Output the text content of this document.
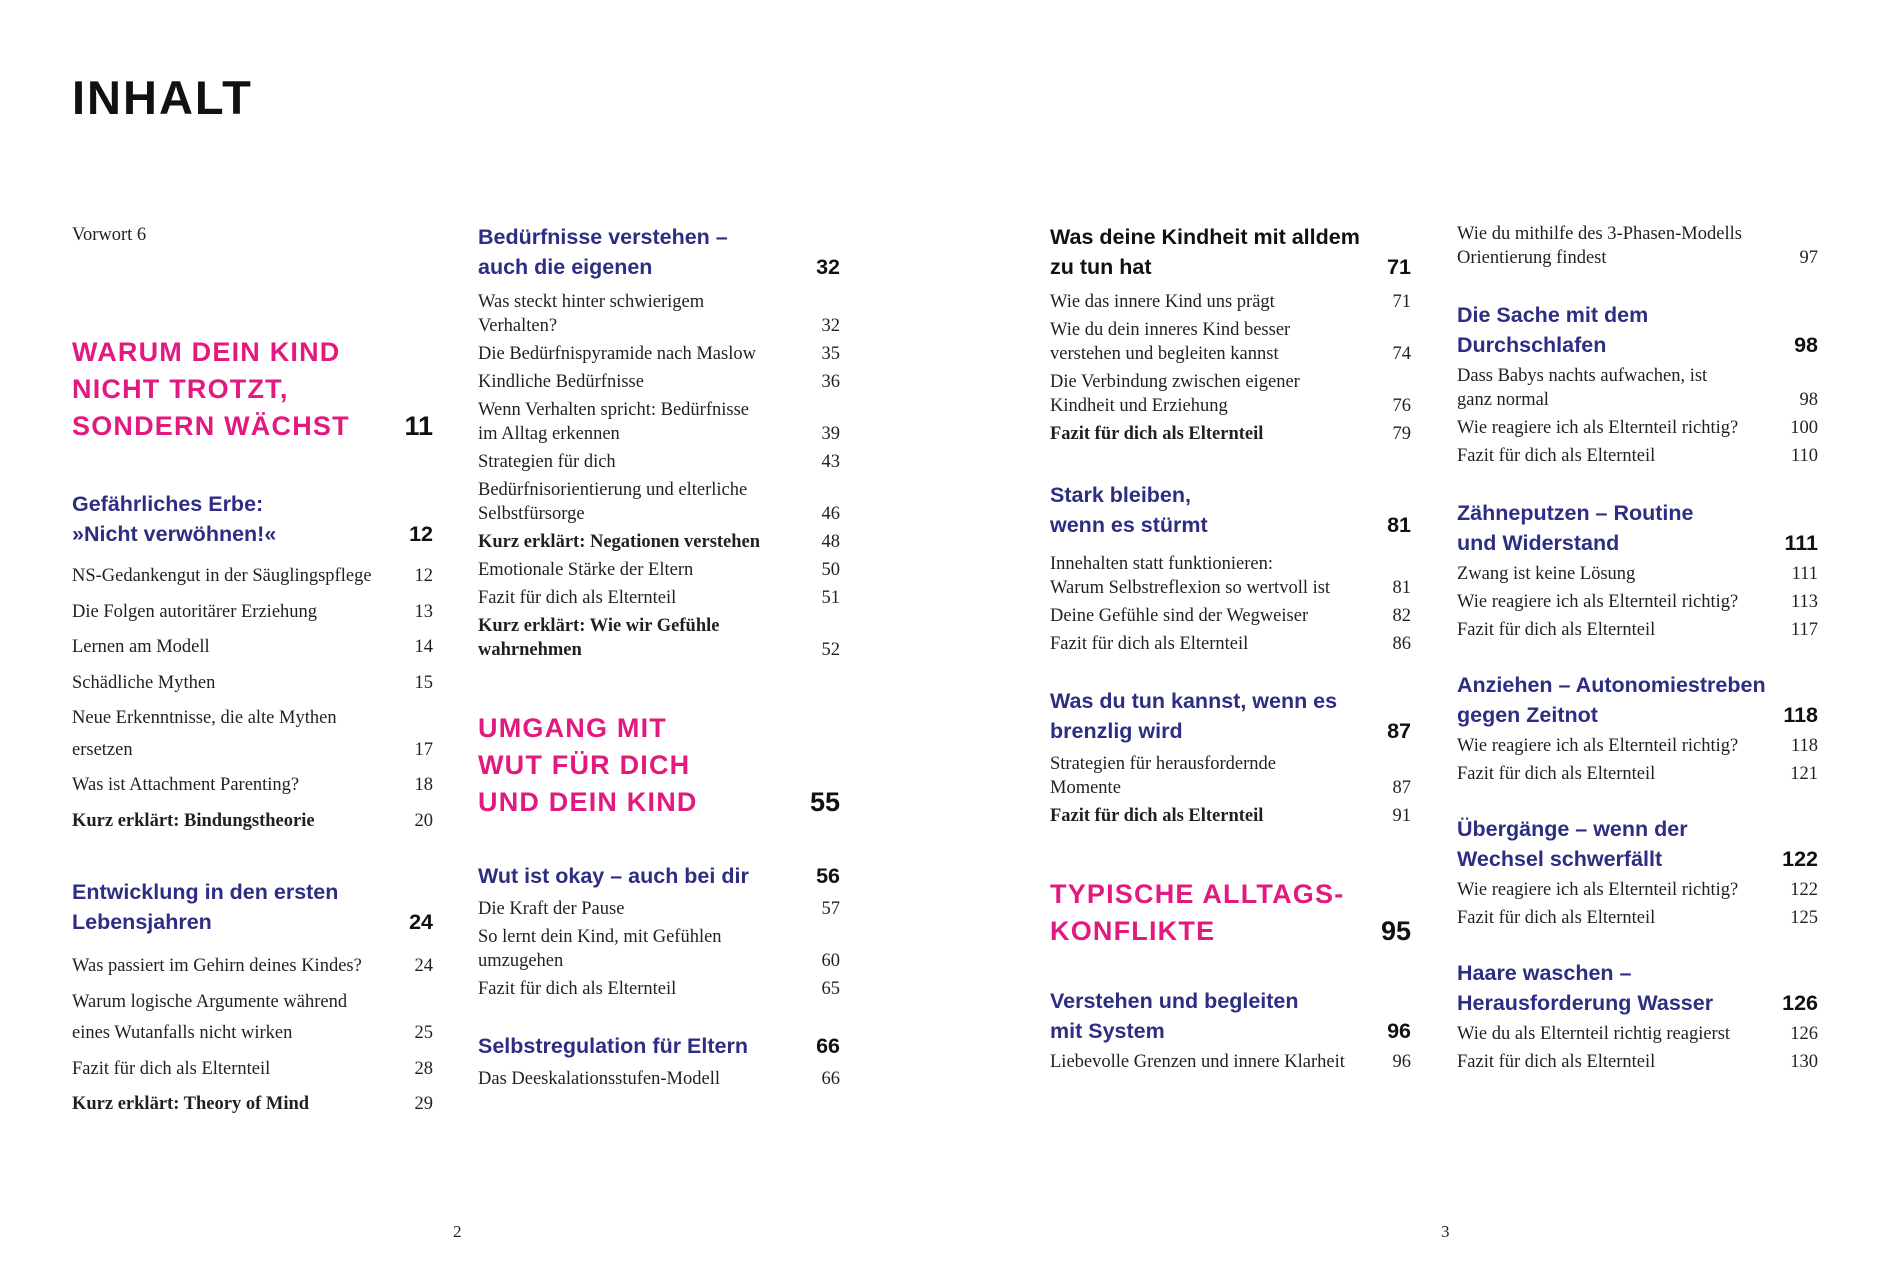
INHALT
Vorwort 6
WARUM DEIN KIND
NICHT TROTZT,
SONDERN WÄCHST 11
Gefährliches Erbe:
»Nicht verwöhnen!«	12
NS-Gedankengut in der Säuglingspflege	12
Die Folgen autoritärer Erziehung	13
Lernen am Modell	14
Schädliche Mythen	15
Neue Erkenntnisse, die alte Mythen
ersetzen	17
Was ist Attachment Parenting?	18
Kurz erklärt: Bindungstheorie	20
Entwicklung in den ersten
Lebensjahren	24
Was passiert im Gehirn deines Kindes?	24
Warum logische Argumente während
eines Wutanfalls nicht wirken	25
Fazit für dich als Elternteil	28
Kurz erklärt: Theory of Mind	29
Bedürfnisse verstehen –
auch die eigenen	32
Was steckt hinter schwierigem
Verhalten?	32
Die Bedürfnispyramide nach Maslow	35
Kindliche Bedürfnisse	36
Wenn Verhalten spricht: Bedürfnisse
im Alltag erkennen	39
Strategien für dich	43
Bedürfnisorientierung und elterliche
Selbstfürsorge	46
Kurz erklärt: Negationen verstehen	48
Emotionale Stärke der Eltern	50
Fazit für dich als Elternteil	51
Kurz erklärt: Wie wir Gefühle
wahrnehmen	52
UMGANG MIT
WUT FÜR DICH
UND DEIN KIND	55
Wut ist okay – auch bei dir	56
Die Kraft der Pause	57
So lernt dein Kind, mit Gefühlen
umzugehen	60
Fazit für dich als Elternteil	65
Selbstregulation für Eltern	66
Das Deeskalationsstufen-Modell	66
Was deine Kindheit mit alldem
zu tun hat	71
Wie das innere Kind uns prägt	71
Wie du dein inneres Kind besser
verstehen und begleiten kannst	74
Die Verbindung zwischen eigener
Kindheit und Erziehung	76
Fazit für dich als Elternteil	79
Stark bleiben,
wenn es stürmt	81
Innehalten statt funktionieren:
Warum Selbstreflexion so wertvoll ist	81
Deine Gefühle sind der Wegweiser	82
Fazit für dich als Elternteil	86
Was du tun kannst, wenn es
brenzlig wird	87
Strategien für herausfordernde
Momente	87
Fazit für dich als Elternteil	91
TYPISCHE ALLTAGS-
KONFLIKTE	95
Verstehen und begleiten
mit System	96
Liebevolle Grenzen und innere Klarheit	96
Wie du mithilfe des 3-Phasen-Modells
Orientierung findest	97
Die Sache mit dem
Durchschlafen	98
Dass Babys nachts aufwachen, ist
ganz normal	98
Wie reagiere ich als Elternteil richtig?	100
Fazit für dich als Elternteil	110
Zähneputzen – Routine
und Widerstand	111
Zwang ist keine Lösung	111
Wie reagiere ich als Elternteil richtig?	113
Fazit für dich als Elternteil	117
Anziehen – Autonomiestreben
gegen Zeitnot	118
Wie reagiere ich als Elternteil richtig?	118
Fazit für dich als Elternteil	121
Übergänge – wenn der
Wechsel schwerfällt	122
Wie reagiere ich als Elternteil richtig?	122
Fazit für dich als Elternteil	125
Haare waschen –
Herausforderung Wasser	126
Wie du als Elternteil richtig reagierst	126
Fazit für dich als Elternteil	130
2	3
